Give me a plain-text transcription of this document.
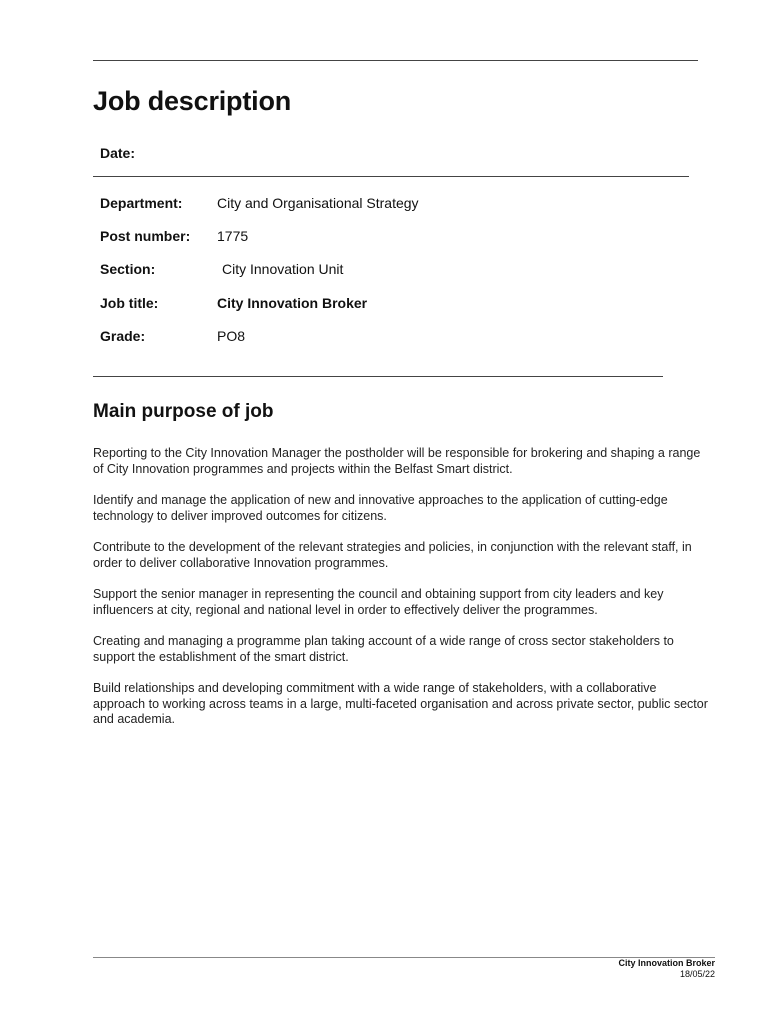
Job description
Date:
Department: City and Organisational Strategy
Post number: 1775
Section:	City Innovation Unit
Job title:	City Innovation Broker
Grade:	PO8
Main purpose of job

Reporting to the City Innovation Manager the postholder will be responsible for brokering and shaping a range of City Innovation programmes and projects within the Belfast Smart district.

Identify and manage the application of new and innovative approaches to the application of cutting-edge technology to deliver improved outcomes for citizens.

Contribute to the development of the relevant strategies and policies, in conjunction with the relevant staff, in order to deliver collaborative Innovation programmes.

Support the senior manager in representing the council and obtaining support from city leaders and key influencers at city, regional and national level in order to effectively deliver the programmes.

Creating and managing a programme plan taking account of a wide range of cross sector stakeholders to support the establishment of the smart district.

Build relationships and developing commitment with a wide range of stakeholders, with a collaborative approach to working across teams in a large, multi-faceted organisation and across private sector, public sector and academia.

City Innovation Broker
18/05/22
